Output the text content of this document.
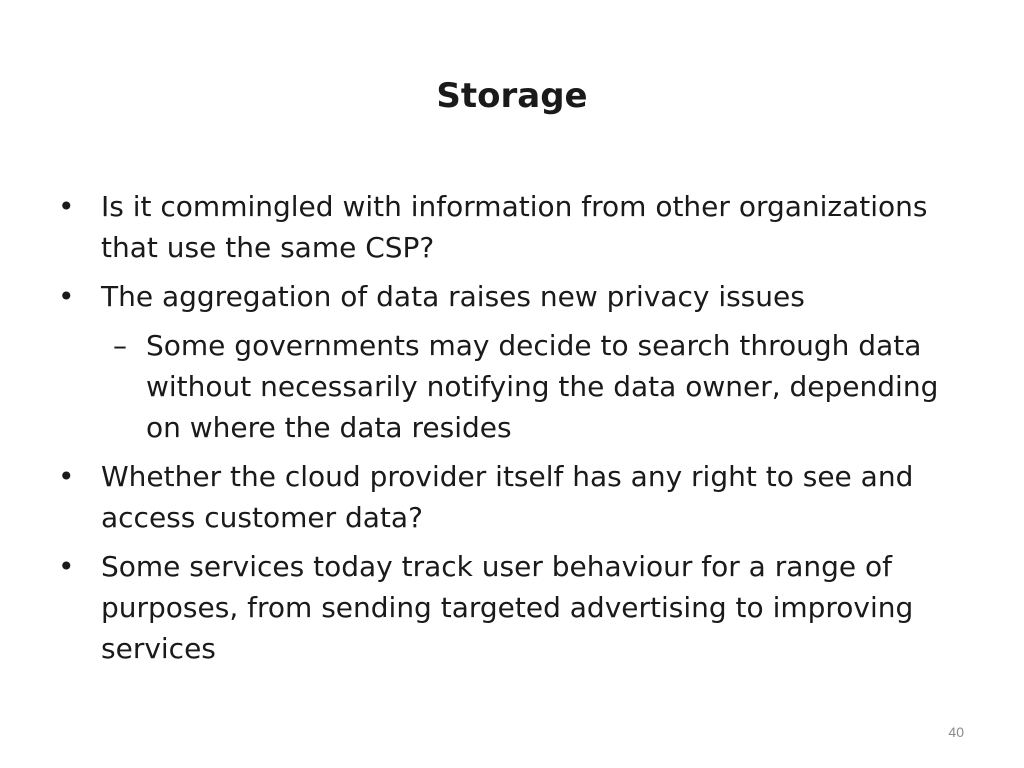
Storage
• Is it commingled with information from other organizations that use the same CSP?
• The aggregation of data raises new privacy issues
– Some governments may decide to search through data without necessarily notifying the data owner, depending on where the data resides
• Whether the cloud provider itself has any right to see and access customer data?
• Some services today track user behaviour for a range of purposes, from sending targeted advertising to improving services
40
